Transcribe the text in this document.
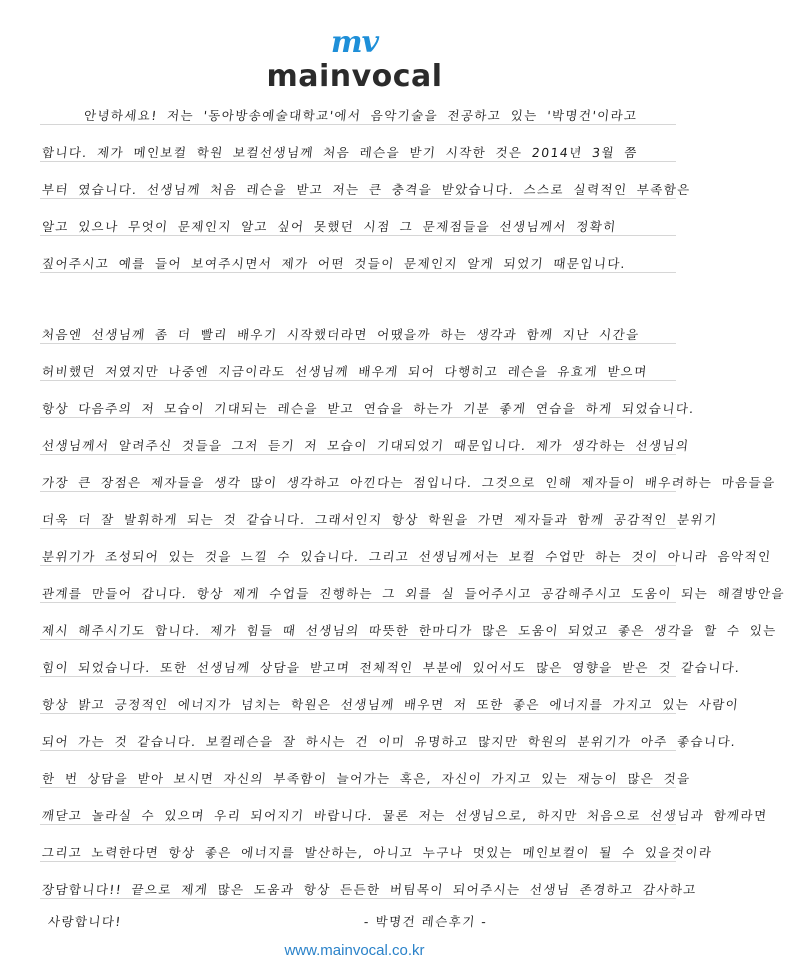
mv
mainvocal
안녕하세요! 저는 '동아방송예술대학교'에서 음악기술을 전공하고 있는 '박명건'이라고
합니다. 제가 메인보컬 학원 보컬선생님께 처음 레슨을 받기 시작한 것은 2014년 3월 쯤
부터 였습니다. 선생님께 처음 레슨을 받고 저는 큰 충격을 받았습니다. 스스로 실력적인 부족함은
알고 있으나 무엇이 문제인지 알고 싶어 못했던 시점 그 문제점들을 선생님께서 정확히
짚어주시고 예를 들어 보여주시면서 제가 어떤 것들이 문제인지 알게 되었기 때문입니다.
처음엔 선생님께 좀 더 빨리 배우기 시작했더라면 어땠을까 하는 생각과 함께 지난 시간을
허비했던 저였지만 나중엔 지금이라도 선생님께 배우게 되어 다행히고 레슨을 유효게 받으며
항상 다음주의 저 모습이 기대되는 레슨을 받고 연습을 하는가 기분 좋게 연습을 하게 되었습니다.
선생님께서 알려주신 것들을 그저 듣기 저 모습이 기대되었기 때문입니다. 제가 생각하는 선생님의
가장 큰 장점은 제자들을 생각 많이 생각하고 아낀다는 점입니다. 그것으로 인해 제자들이 배우려하는 마음들을
더욱 더 잘 발휘하게 되는 것 같습니다. 그래서인지 항상 학원을 가면 제자들과 함께 공감적인 분위기
분위기가 조성되어 있는 것을 느낄 수 있습니다. 그리고 선생님께서는 보컬 수업만 하는 것이 아니라 음악적인
관계를 만들어 갑니다. 항상 제게 수업들 진행하는 그 외를 실 들어주시고 공감해주시고 도움이 되는 해결방안을
제시 해주시기도 합니다. 제가 힘들 때 선생님의 따뜻한 한마디가 많은 도움이 되었고 좋은 생각을 할 수 있는
힘이 되었습니다. 또한 선생님께 상담을 받고며 전체적인 부분에 있어서도 많은 영향을 받은 것 같습니다.
항상 밝고 긍정적인 에너지가 넘치는 학원은 선생님께 배우면 저 또한 좋은 에너지를 가지고 있는 사람이
되어 가는 것 같습니다. 보컬레슨을 잘 하시는 건 이미 유명하고 많지만 학원의 분위기가 아주 좋습니다.
한 번 상담을 받아 보시면 자신의 부족함이 늘어가는 혹은, 자신이 가지고 있는 재능이 많은 것을
깨닫고 놀라실 수 있으며 우리 되어지기 바랍니다. 물론 저는 선생님으로, 하지만 처음으로 선생님과 함께라면
그리고 노력한다면 항상 좋은 에너지를 발산하는, 아니고 누구나 멋있는 메인보컬이 될 수 있을것이라
장담합니다!! 끝으로 제게 많은 도움과 항상 든든한 버팀목이 되어주시는 선생님 존경하고 감사하고
사랑합니다!	- 박명건 레슨후기 -
www.mainvocal.co.kr
